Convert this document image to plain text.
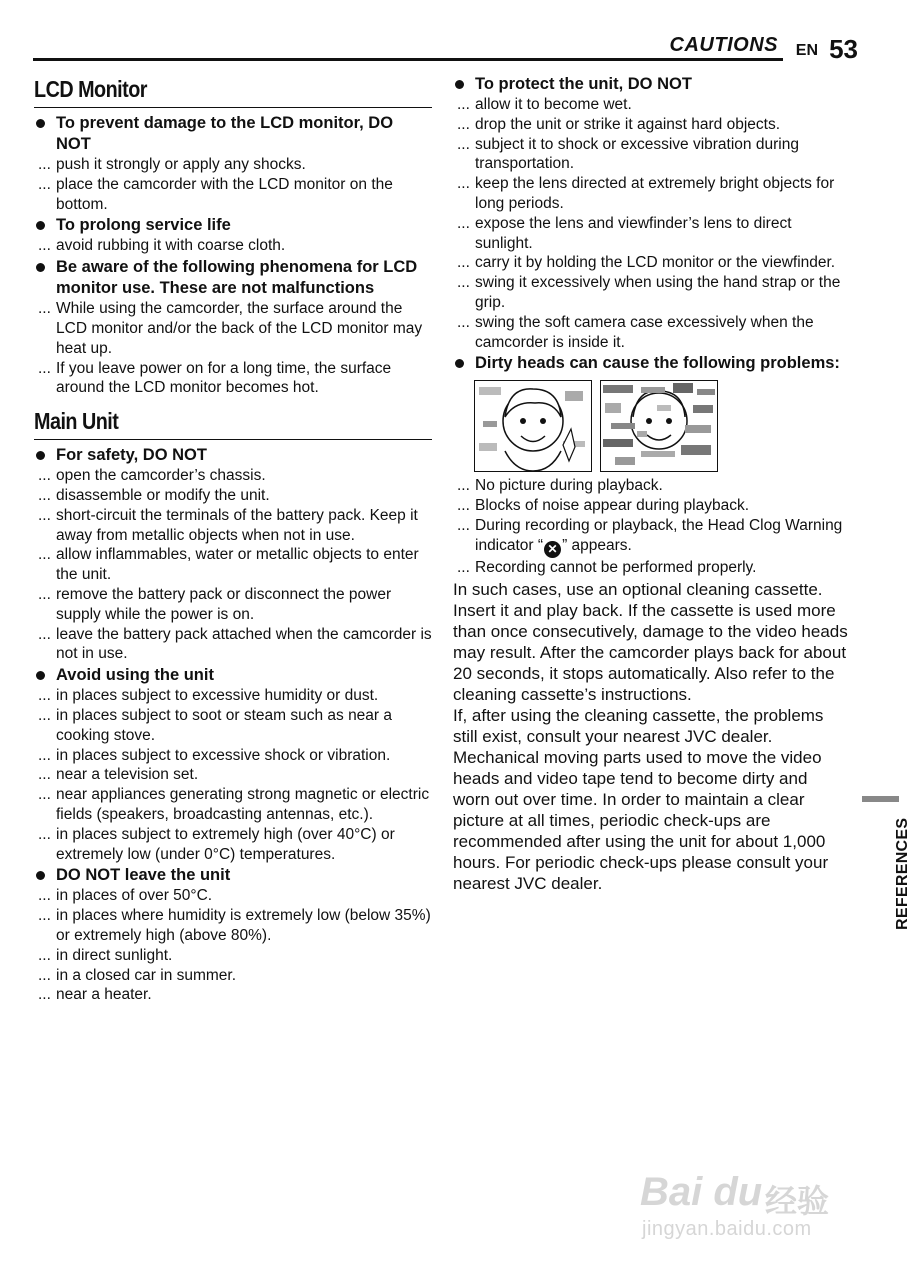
CAUTIONS EN 53
LCD Monitor
To prevent damage to the LCD monitor, DO NOT
... push it strongly or apply any shocks.
... place the camcorder with the LCD monitor on the bottom.
To prolong service life
... avoid rubbing it with coarse cloth.
Be aware of the following phenomena for LCD monitor use. These are not malfunctions
... While using the camcorder, the surface around the LCD monitor and/or the back of the LCD monitor may heat up.
... If you leave power on for a long time, the surface around the LCD monitor becomes hot.
Main Unit
For safety, DO NOT
... open the camcorder’s chassis.
... disassemble or modify the unit.
... short-circuit the terminals of the battery pack. Keep it away from metallic objects when not in use.
... allow inflammables, water or metallic objects to enter the unit.
... remove the battery pack or disconnect the power supply while the power is on.
... leave the battery pack attached when the camcorder is not in use.
Avoid using the unit
... in places subject to excessive humidity or dust.
... in places subject to soot or steam such as near a cooking stove.
... in places subject to excessive shock or vibration.
... near a television set.
... near appliances generating strong magnetic or electric fields (speakers, broadcasting antennas, etc.).
... in places subject to extremely high (over 40°C) or extremely low (under 0°C) temperatures.
DO NOT leave the unit
... in places of over 50°C.
... in places where humidity is extremely low (below 35%) or extremely high (above 80%).
... in direct sunlight.
... in a closed car in summer.
... near a heater.
To protect the unit, DO NOT
... allow it to become wet.
... drop the unit or strike it against hard objects.
... subject it to shock or excessive vibration during transportation.
... keep the lens directed at extremely bright objects for long periods.
... expose the lens and viewfinder’s lens to direct sunlight.
... carry it by holding the LCD monitor or the viewfinder.
... swing it excessively when using the hand strap or the grip.
... swing the soft camera case excessively when the camcorder is inside it.
Dirty heads can cause the following problems:
... No picture during playback.
... Blocks of noise appear during playback.
... During recording or playback, the Head Clog Warning indicator “ ✕ ” appears.
... Recording cannot be performed properly.
In such cases, use an optional cleaning cassette. Insert it and play back. If the cassette is used more than once consecutively, damage to the video heads may result. After the camcorder plays back for about 20 seconds, it stops automatically. Also refer to the cleaning cassette’s instructions.
If, after using the cleaning cassette, the problems still exist, consult your nearest JVC dealer.
Mechanical moving parts used to move the video heads and video tape tend to become dirty and worn out over time. In order to maintain a clear picture at all times, periodic check-ups are recommended after using the unit for about 1,000 hours. For periodic check-ups please consult your nearest JVC dealer.	REFERENCES
Bai du 经验
jingyan.baidu.com
